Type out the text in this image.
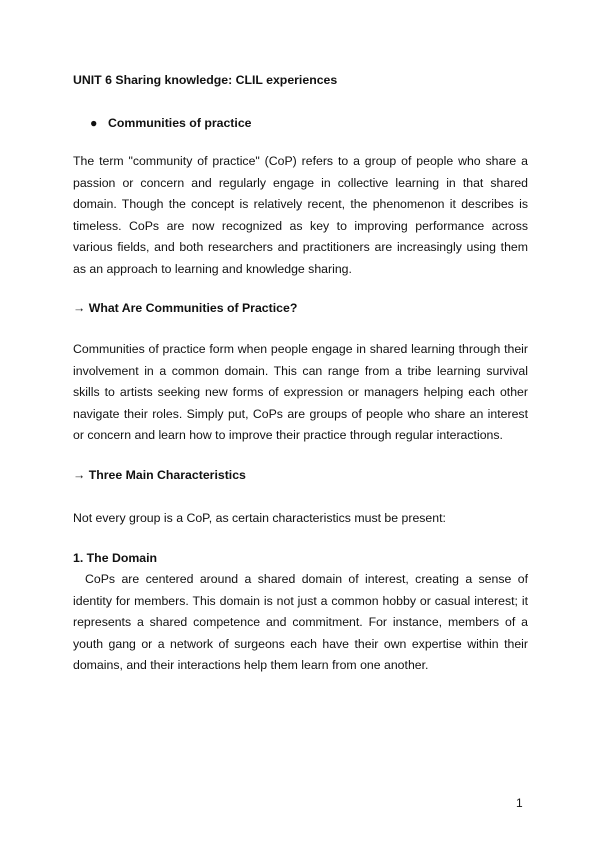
UNIT 6 Sharing knowledge: CLIL experiences
● Communities of practice
The term "community of practice" (CoP) refers to a group of people who share a passion or concern and regularly engage in collective learning in that shared domain. Though the concept is relatively recent, the phenomenon it describes is timeless. CoPs are now recognized as key to improving performance across various fields, and both researchers and practitioners are increasingly using them as an approach to learning and knowledge sharing.
→ What Are Communities of Practice?
Communities of practice form when people engage in shared learning through their involvement in a common domain. This can range from a tribe learning survival skills to artists seeking new forms of expression or managers helping each other navigate their roles. Simply put, CoPs are groups of people who share an interest or concern and learn how to improve their practice through regular interactions.
→ Three Main Characteristics
Not every group is a CoP, as certain characteristics must be present:
1. The Domain
CoPs are centered around a shared domain of interest, creating a sense of identity for members. This domain is not just a common hobby or casual interest; it represents a shared competence and commitment. For instance, members of a youth gang or a network of surgeons each have their own expertise within their domains, and their interactions help them learn from one another.
1
